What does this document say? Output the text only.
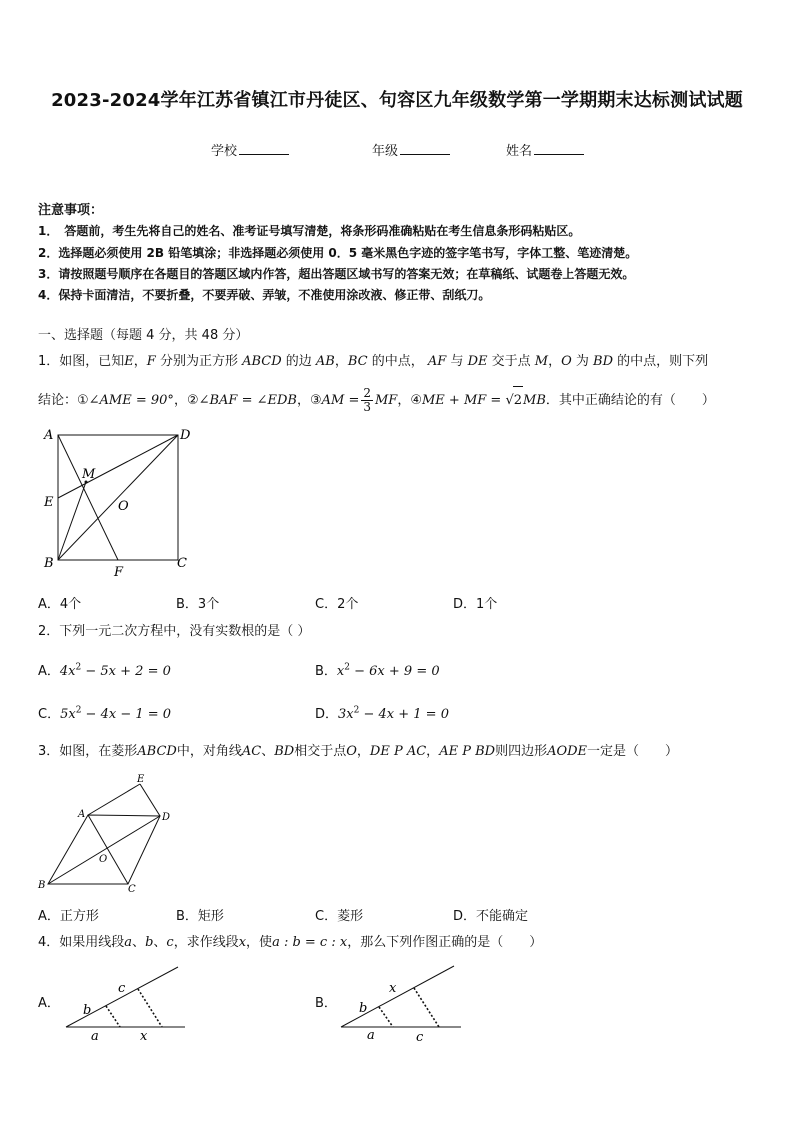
2023-2024学年江苏省镇江市丹徒区、句容区九年级数学第一学期期末达标测试试题
学校	年级	姓名
注意事项：
1．　答题前，考生先将自己的姓名、准考证号填写清楚，将条形码准确粘贴在考生信息条形码粘贴区。
2．选择题必须使用 2B 铅笔填涂；非选择题必须使用 0．5 毫米黑色字迹的签字笔书写，字体工整、笔迹清楚。
3．请按照题号顺序在各题目的答题区域内作答，超出答题区域书写的答案无效；在草稿纸、试题卷上答题无效。
4．保持卡面清洁，不要折叠，不要弄破、弄皱，不准使用涂改液、修正带、刮纸刀。
一、选择题（每题 4 分，共 48 分）
1．如图，已知E，F 分别为正方形 ABCD 的边 AB，BC 的中点， AF 与 DE 交于点 M，O 为 BD 的中点，则下列
结论：①∠AME = 90°，②∠BAF = ∠EDB，③AM = $\frac{2}{3}$ MF，④ME + MF = √2MB．其中正确结论的有（　　）
A	D
M
E	O
B
F
C
A．4个	B．3个	C．2个	D．1个
2．下列一元二次方程中，没有实数根的是（ ）
A．$4x^2 - 5x + 2 = 0$	B．$x^2 - 6x + 9 = 0$
C．$5x^2 - 4x - 1 = 0$	D．$3x^2 - 4x + 1 = 0$
3．如图，在菱形ABCD中，对角线AC、BD相交于点O，DE P AC，AE P BD则四边形AODE一定是（　　）
E
A	D
O
B	C
A．正方形	B．矩形	C．菱形	D．不能确定
4．如果用线段a、b、c，求作线段x，使a : b = c : x，那么下列作图正确的是（　　）
A．
c
b
a	x
B．
x
b
a	c
